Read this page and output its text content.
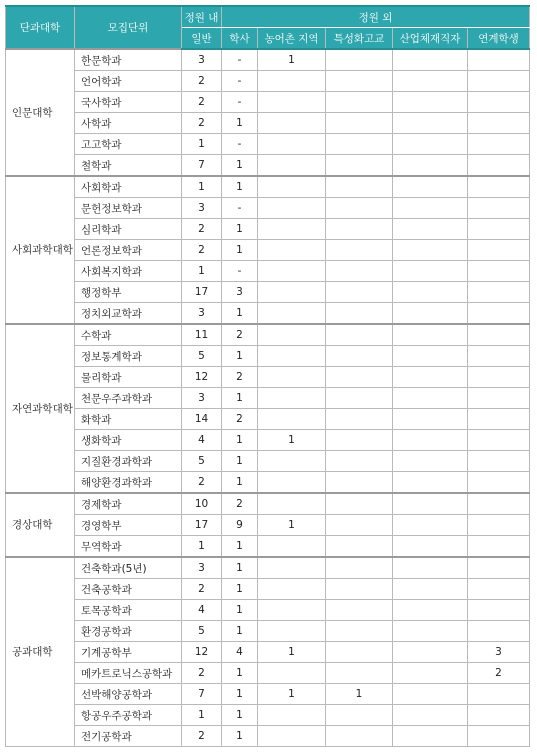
단과대학	모집단위	정원 내	정원 외				
		일반	학사	농어촌 지역	특성화고교	산업체재직자	연계학생
인문대학	한문학과	3	-	1			
	언어학과	2	-				
	국사학과	2	-				
	사학과	2	1				
	고고학과	1	-				
	철학과	7	1				
사회과학대학	사회학과	1	1				
	문헌정보학과	3	-				
	심리학과	2	1				
	언론정보학과	2	1				
	사회복지학과	1	-				
	행정학부	17	3				
	정치외교학과	3	1				
자연과학대학	수학과	11	2				
	정보통계학과	5	1				
	물리학과	12	2				
	천문우주과학과	3	1				
	화학과	14	2				
	생화학과	4	1	1			
	지질환경과학과	5	1				
	해양환경과학과	2	1				
경상대학	경제학과	10	2				
	경영학부	17	9	1			
	무역학과	1	1				
공과대학	건축학과(5년)	3	1				
	건축공학과	2	1				
	토목공학과	4	1				
	환경공학과	5	1				
	기계공학부	12	4	1			3
	메카트로닉스공학과	2	1				2
	선박해양공학과	7	1	1	1		
	항공우주공학과	1	1				
	전기공학과	2	1				
